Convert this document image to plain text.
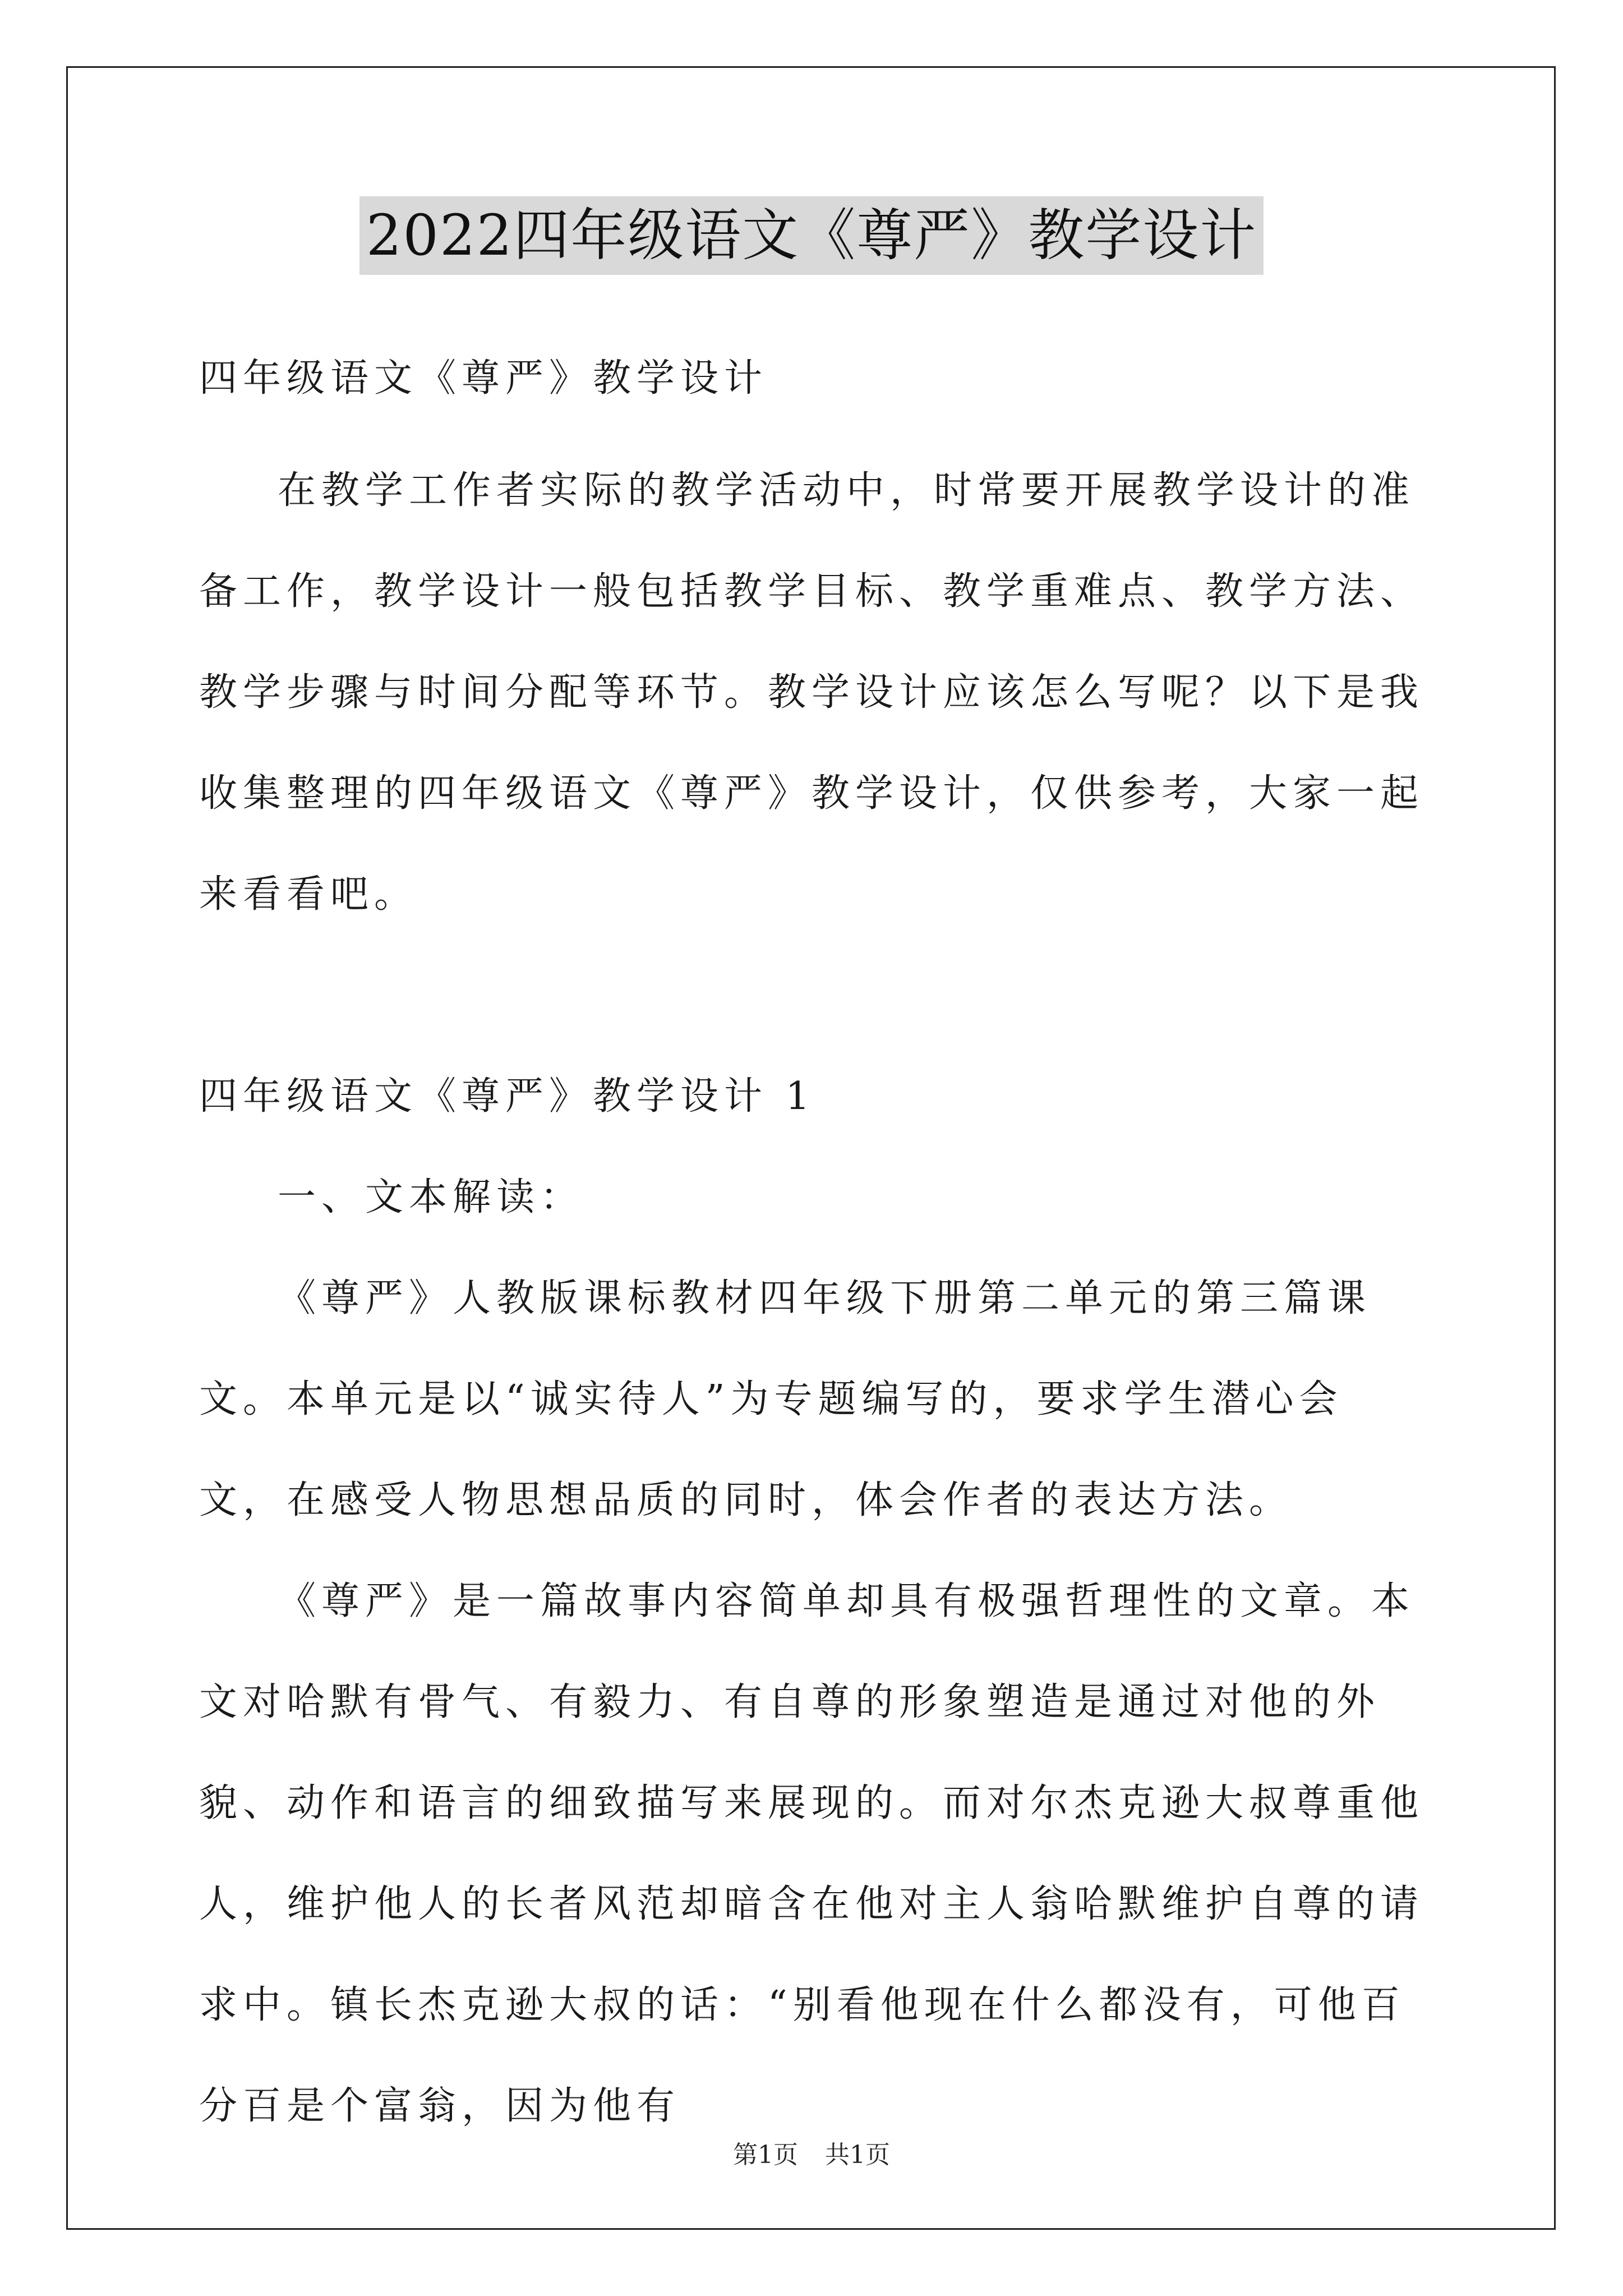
2022四年级语文《尊严》教学设计

四年级语文《尊严》教学设计

在教学工作者实际的教学活动中，时常要开展教学设计的准备工作，教学设计一般包括教学目标、教学重难点、教学方法、教学步骤与时间分配等环节。教学设计应该怎么写呢？以下是我收集整理的四年级语文《尊严》教学设计，仅供参考，大家一起来看看吧。

四年级语文《尊严》教学设计 1

一、文本解读：

《尊严》人教版课标教材四年级下册第二单元的第三篇课文。本单元是以“诚实待人”为专题编写的，要求学生潜心会文，在感受人物思想品质的同时，体会作者的表达方法。

《尊严》是一篇故事内容简单却具有极强哲理性的文章。本文对哈默有骨气、有毅力、有自尊的形象塑造是通过对他的外貌、动作和语言的细致描写来展现的。而对尔杰克逊大叔尊重他人，维护他人的长者风范却暗含在他对主人翁哈默维护自尊的请求中。镇长杰克逊大叔的话：“别看他现在什么都没有，可他百分百是个富翁，因为他有

第1页 共1页
